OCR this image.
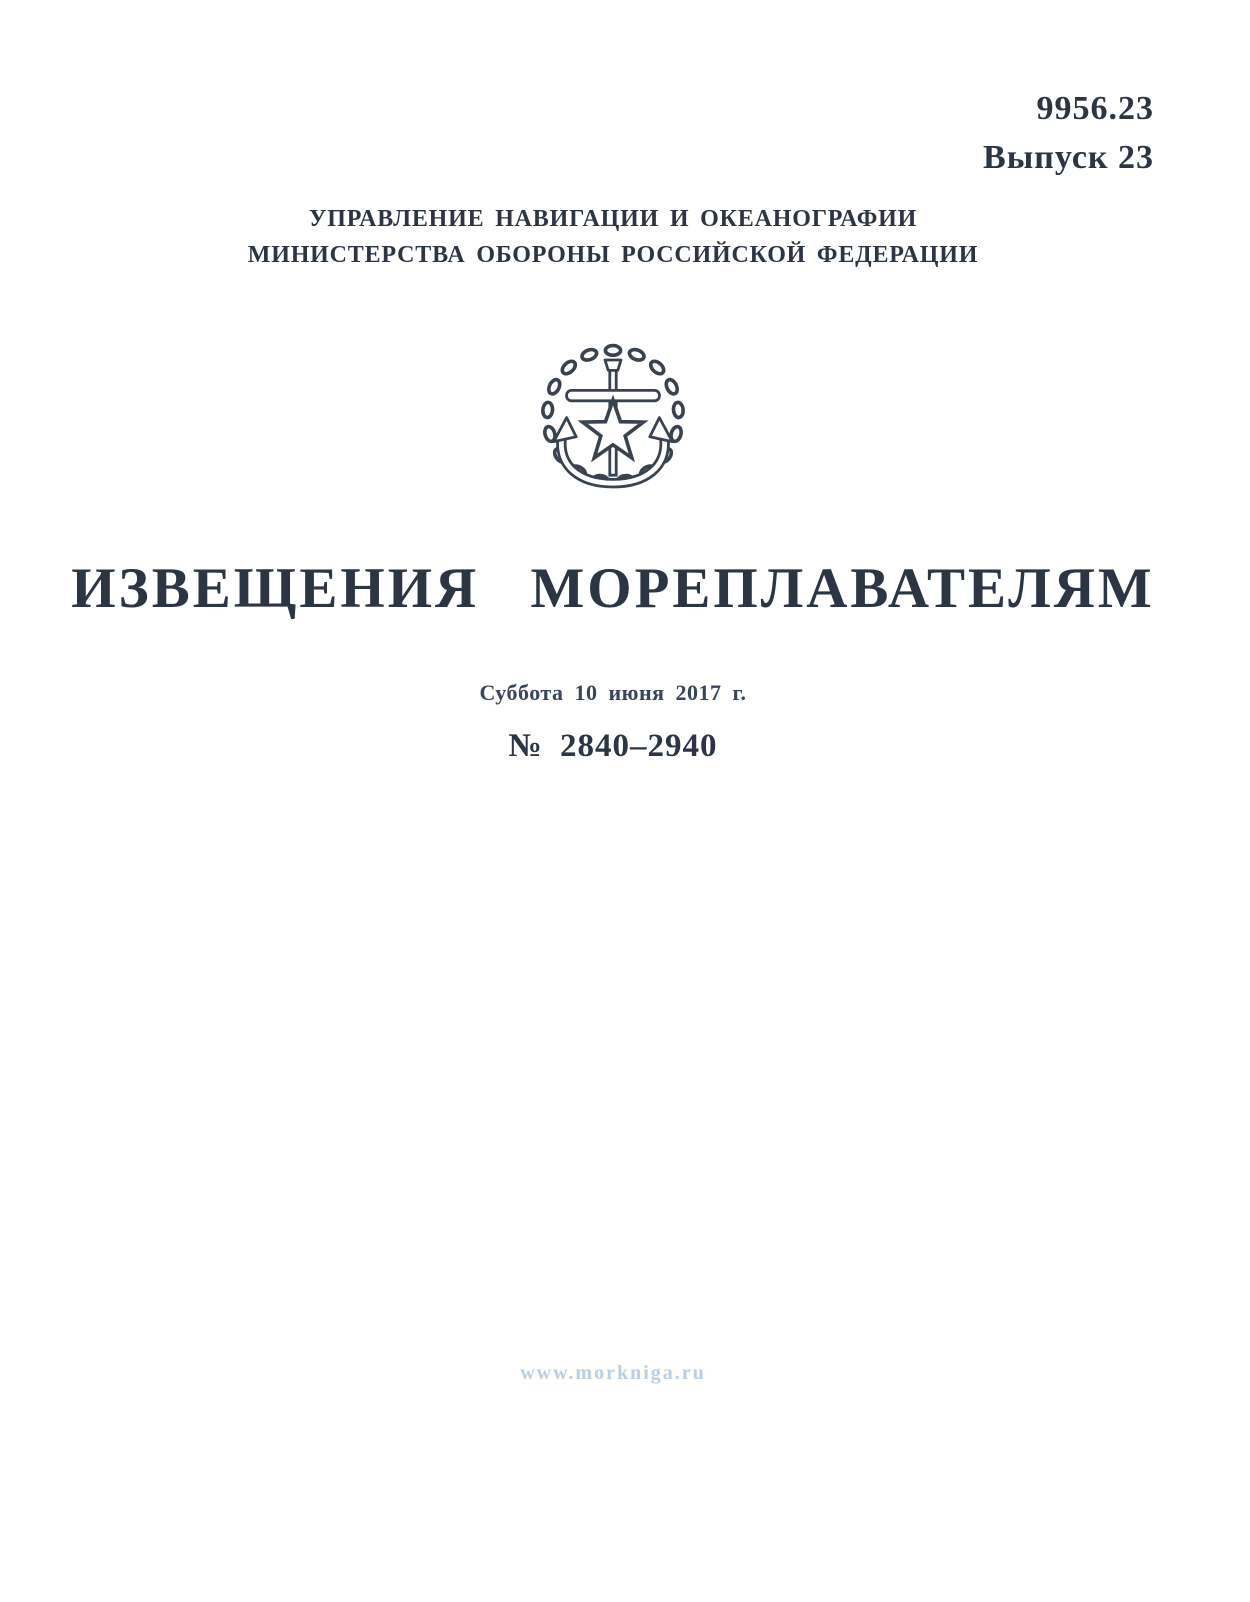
9956.23
Выпуск 23
УПРАВЛЕНИЕ НАВИГАЦИИ И ОКЕАНОГРАФИИ
МИНИСТЕРСТВА ОБОРОНЫ РОССИЙСКОЙ ФЕДЕРАЦИИ
ИЗВЕЩЕНИЯ МОРЕПЛАВАТЕЛЯМ
Суббота 10 июня 2017 г.
№ 2840–2940
www.morkniga.ru
